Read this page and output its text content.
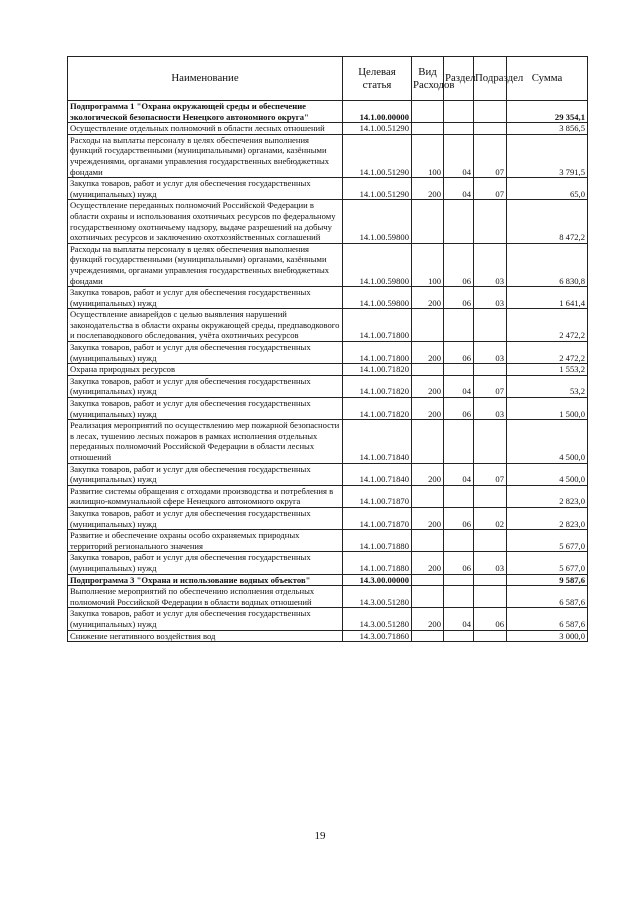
Наименование	Целевая статья	Вид Расходов	Раздел	Подраздел	Сумма
Подпрограмма 1 "Охрана окружающей среды и обеспечение экологической безопасности Ненецкого автономного округа"	14.1.00.00000				29 354,1
Осуществление отдельных полномочий в области лесных отношений	14.1.00.51290				3 856,5
Расходы на выплаты персоналу в целях обеспечения выполнения функций государственными (муниципальными) органами, казёнными учреждениями, органами управления государственных внебюджетных фондами	14.1.00.51290	100	04	07	3 791,5
Закупка товаров, работ и услуг для обеспечения государственных (муниципальных) нужд	14.1.00.51290	200	04	07	65,0
Осуществление переданных полномочий Российской Федерации в области охраны и использования охотничьих ресурсов по федеральному государственному охотничьему надзору, выдаче разрешений на добычу охотничьих ресурсов и заключению охотхозяйственных соглашений	14.1.00.59800				8 472,2
Расходы на выплаты персоналу в целях обеспечения выполнения функций государственными (муниципальными) органами, казёнными учреждениями, органами управления государственных внебюджетных фондами	14.1.00.59800	100	06	03	6 830,8
Закупка товаров, работ и услуг для обеспечения государственных (муниципальных) нужд	14.1.00.59800	200	06	03	1 641,4
Осуществление авиарейдов с целью выявления нарушений законодательства в области охраны окружающей среды, предпаводкового и послепаводкового обследования, учёта охотничьих ресурсов	14.1.00.71800				2 472,2
Закупка товаров, работ и услуг для обеспечения государственных (муниципальных) нужд	14.1.00.71800	200	06	03	2 472,2
Охрана природных ресурсов	14.1.00.71820				1 553,2
Закупка товаров, работ и услуг для обеспечения государственных (муниципальных) нужд	14.1.00.71820	200	04	07	53,2
Закупка товаров, работ и услуг для обеспечения государственных (муниципальных) нужд	14.1.00.71820	200	06	03	1 500,0
Реализация мероприятий по осуществлению мер пожарной безопасности в лесах, тушению лесных пожаров в рамках исполнения отдельных переданных полномочий Российской Федерации в области лесных отношений	14.1.00.71840				4 500,0
Закупка товаров, работ и услуг для обеспечения государственных (муниципальных) нужд	14.1.00.71840	200	04	07	4 500,0
Развитие системы обращения с отходами производства и потребления в жилищно-коммунальной сфере Ненецкого автономного округа	14.1.00.71870				2 823,0
Закупка товаров, работ и услуг для обеспечения государственных (муниципальных) нужд	14.1.00.71870	200	06	02	2 823,0
Развитие и обеспечение охраны особо охраняемых природных территорий регионального значения	14.1.00.71880				5 677,0
Закупка товаров, работ и услуг для обеспечения государственных (муниципальных) нужд	14.1.00.71880	200	06	03	5 677,0
Подпрограмма 3 "Охрана и использование водных объектов"	14.3.00.00000				9 587,6
Выполнение мероприятий по обеспечению исполнения отдельных полномочий Российской Федерации в области водных отношений	14.3.00.51280				6 587,6
Закупка товаров, работ и услуг для обеспечения государственных (муниципальных) нужд	14.3.00.51280	200	04	06	6 587,6
Снижение негативного воздействия вод	14.3.00.71860				3 000,0
19
